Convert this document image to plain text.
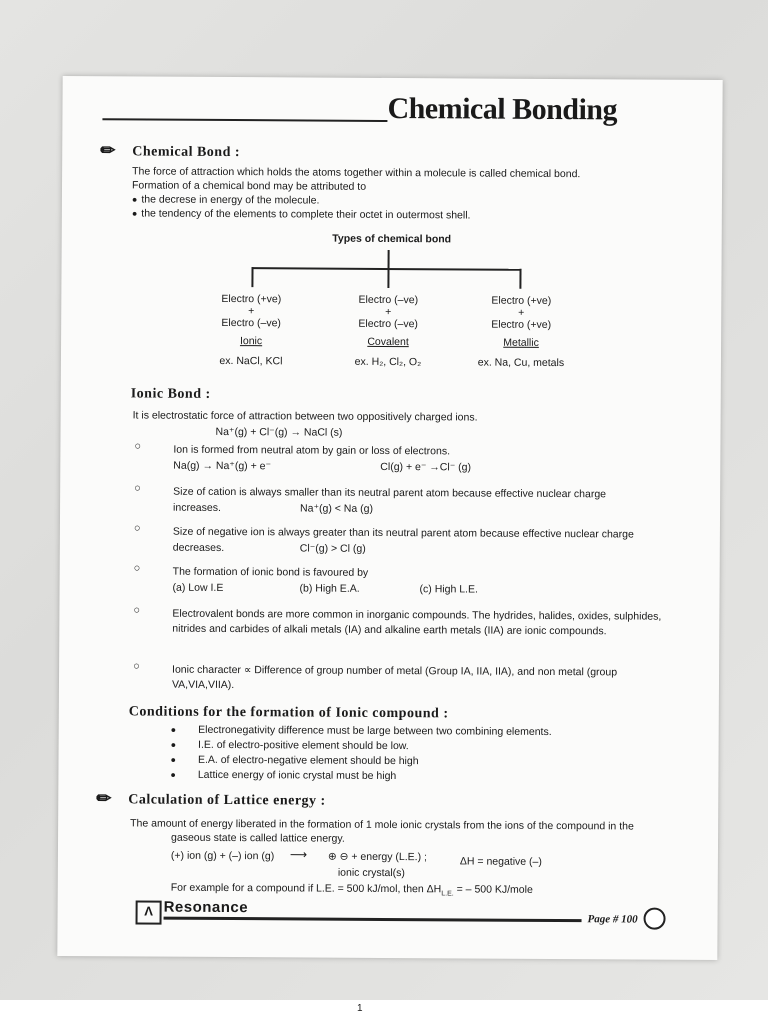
Chemical Bonding
✏ Chemical Bond :
The force of attraction which holds the atoms together within a molecule is called chemical bond.
Formation of a chemical bond may be attributed to
● the decrese in energy of the molecule.
● the tendency of the elements to complete their octet in outermost shell.
Types of chemical bond
Electro (+ve)
+
Electro (–ve)
Ionic
ex. NaCl, KCl
Electro (–ve)
+
Electro (–ve)
Covalent
ex. H₂, Cl₂, O₂
Electro (+ve)
+
Electro (+ve)
Metallic
ex. Na, Cu, metals
Ionic Bond :
It is electrostatic force of attraction between two oppositively charged ions.
Na⁺(g) + Cl⁻(g) → NaCl (s)
○	Ion is formed from neutral atom by gain or loss of electrons.
Na(g) → Na⁺(g) + e⁻	Cl(g) + e⁻ →Cl⁻ (g)
○	Size of cation is always smaller than its neutral parent atom because effective nuclear charge
increases.	Na⁺(g) < Na (g)
○	Size of negative ion is always greater than its neutral parent atom because effective nuclear charge
decreases.	Cl⁻(g) > Cl (g)
○	The formation of ionic bond is favoured by
(a) Low I.E	(b) High E.A.	(c) High L.E.
○	Electrovalent bonds are more common in inorganic compounds. The hydrides, halides, oxides, sulphides, nitrides and carbides of alkali metals (IA) and alkaline earth metals (IIA) are ionic compounds.
○	Ionic character ∝ Difference of group number of metal (Group IA, IIA, IIA), and non metal (group VA,VIA,VIIA).
Conditions for the formation of Ionic compound :
● Electronegativity difference must be large between two combining elements.
● I.E. of electro-positive element should be low.
● E.A. of electro-negative element should be high
● Lattice energy of ionic crystal must be high
✏ Calculation of Lattice energy :
The amount of energy liberated in the formation of 1 mole ionic crystals from the ions of the compound in the
gaseous state is called lattice energy.
(+) ion (g) + (–) ion (g) ⟶ ⊕ ⊖ + energy (L.E.) ;	ΔH = negative (–)
ionic crystal(s)
For example for a compound if L.E. = 500 kJ/mol, then $\Delta H_{L.E.}$ = – 500 KJ/mole
Λ Resonance
Page # 100
1
